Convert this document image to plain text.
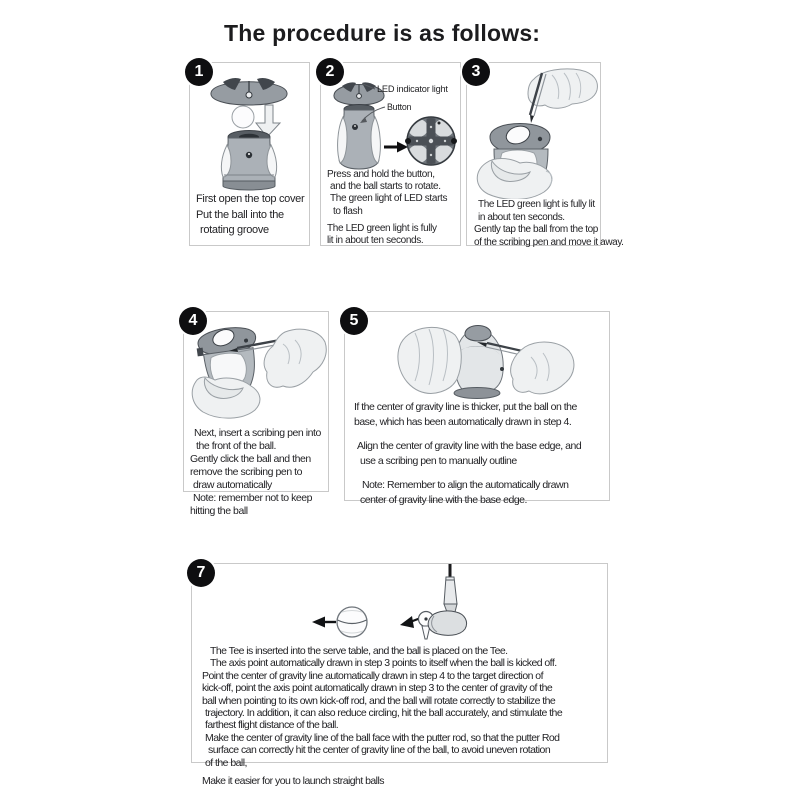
The procedure is as follows:
1

First open the top cover

Put the ball into the
rotating groove

2
LED indicator light
Button

Press and hold the button,
and the ball starts to rotate.
The green light of LED starts
to flash

The LED green light is fully
lit in about ten seconds.

3

The LED green light is fully lit
in about ten seconds.

Gently tap the ball from the top
of the scribing pen and move it away.

4

Next, insert a scribing pen into
the front of the ball.

Gently click the ball and then
remove the scribing pen to
draw automatically

Note: remember not to keep
hitting the ball

5

If the center of gravity line is thicker, put the ball on the
base, which has been automatically drawn in step 4.

Align the center of gravity line with the base edge, and
use a scribing pen to manually outline

Note: Remember to align the automatically drawn
center of gravity line with the base edge.

7

The Tee is inserted into the serve table, and the ball is placed on the Tee.

The axis point automatically drawn in step 3 points to itself when the ball is kicked off.

Point the center of gravity line automatically drawn in step 4 to the target direction of
kick-off, point the axis point automatically drawn in step 3 to the center of gravity of the
ball when pointing to its own kick-off rod, and the ball will rotate correctly to stabilize the
trajectory. In addition, it can also reduce circling, hit the ball accurately, and stimulate the
farthest flight distance of the ball.

Make the center of gravity line of the ball face with the putter rod, so that the putter Rod
surface can correctly hit the center of gravity line of the ball, to avoid uneven rotation
of the ball,

Make it easier for you to launch straight balls
